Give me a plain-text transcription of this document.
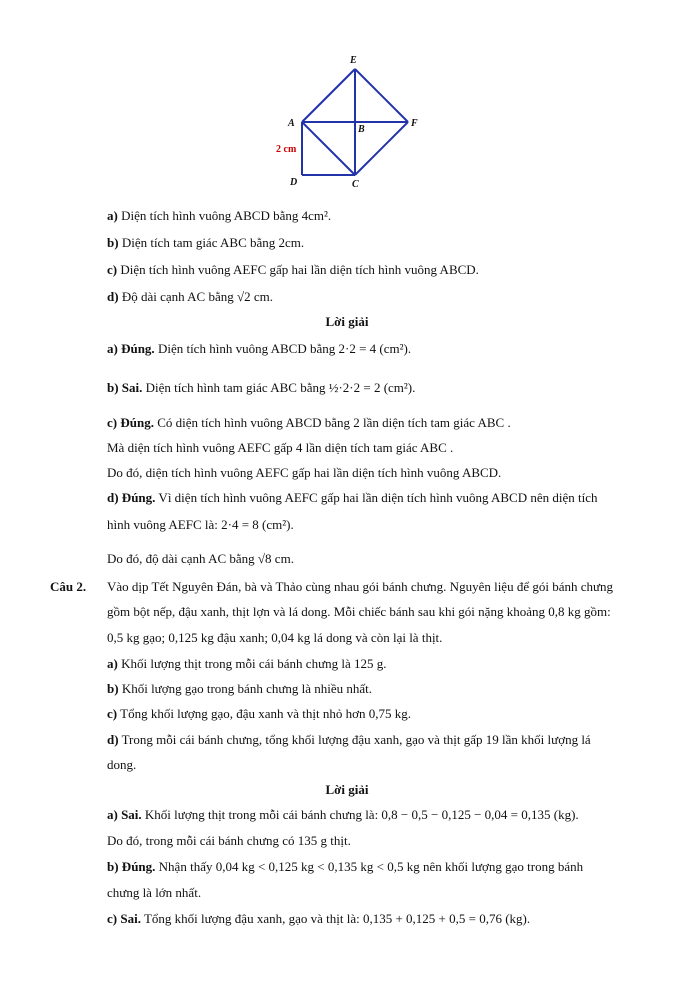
E
A
B
F
D	C
2 cm
a) Diện tích hình vuông ABCD bằng 4cm².
b) Diện tích tam giác ABC bằng 2cm.
c) Diện tích hình vuông AEFC gấp hai lần diện tích hình vuông ABCD.
d) Độ dài cạnh AC bằng √2 cm.
Lời giải
a) Đúng. Diện tích hình vuông ABCD bằng 2·2 = 4 (cm²).
b) Sai. Diện tích hình tam giác ABC bằng ½·2·2 = 2 (cm²).
c) Đúng. Có diện tích hình vuông ABCD bằng 2 lần diện tích tam giác ABC .
Mà diện tích hình vuông AEFC gấp 4 lần diện tích tam giác ABC .
Do đó, diện tích hình vuông AEFC gấp hai lần diện tích hình vuông ABCD.
d) Đúng. Vì diện tích hình vuông AEFC gấp hai lần diện tích hình vuông ABCD nên diện tích
hình vuông AEFC là: 2·4 = 8 (cm²).
Do đó, độ dài cạnh AC bằng √8 cm.
Câu 2. Vào dịp Tết Nguyên Đán, bà và Thảo cùng nhau gói bánh chưng. Nguyên liệu để gói bánh chưng
gồm bột nếp, đậu xanh, thịt lợn và lá dong. Mỗi chiếc bánh sau khi gói nặng khoảng 0,8 kg gồm:
0,5 kg gạo; 0,125 kg đậu xanh; 0,04 kg lá dong và còn lại là thịt.
a) Khối lượng thịt trong mỗi cái bánh chưng là 125 g.
b) Khối lượng gạo trong bánh chưng là nhiều nhất.
c) Tổng khối lượng gạo, đậu xanh và thịt nhỏ hơn 0,75 kg.
d) Trong mỗi cái bánh chưng, tổng khối lượng đậu xanh, gạo và thịt gấp 19 lần khối lượng lá
dong.
Lời giải
a) Sai. Khối lượng thịt trong mỗi cái bánh chưng là: 0,8 − 0,5 − 0,125 − 0,04 = 0,135 (kg).
Do đó, trong mỗi cái bánh chưng có 135 g thịt.
b) Đúng. Nhận thấy 0,04 kg < 0,125 kg < 0,135 kg < 0,5 kg nên khối lượng gạo trong bánh
chưng là lớn nhất.
c) Sai. Tổng khối lượng đậu xanh, gạo và thịt là: 0,135 + 0,125 + 0,5 = 0,76 (kg).
